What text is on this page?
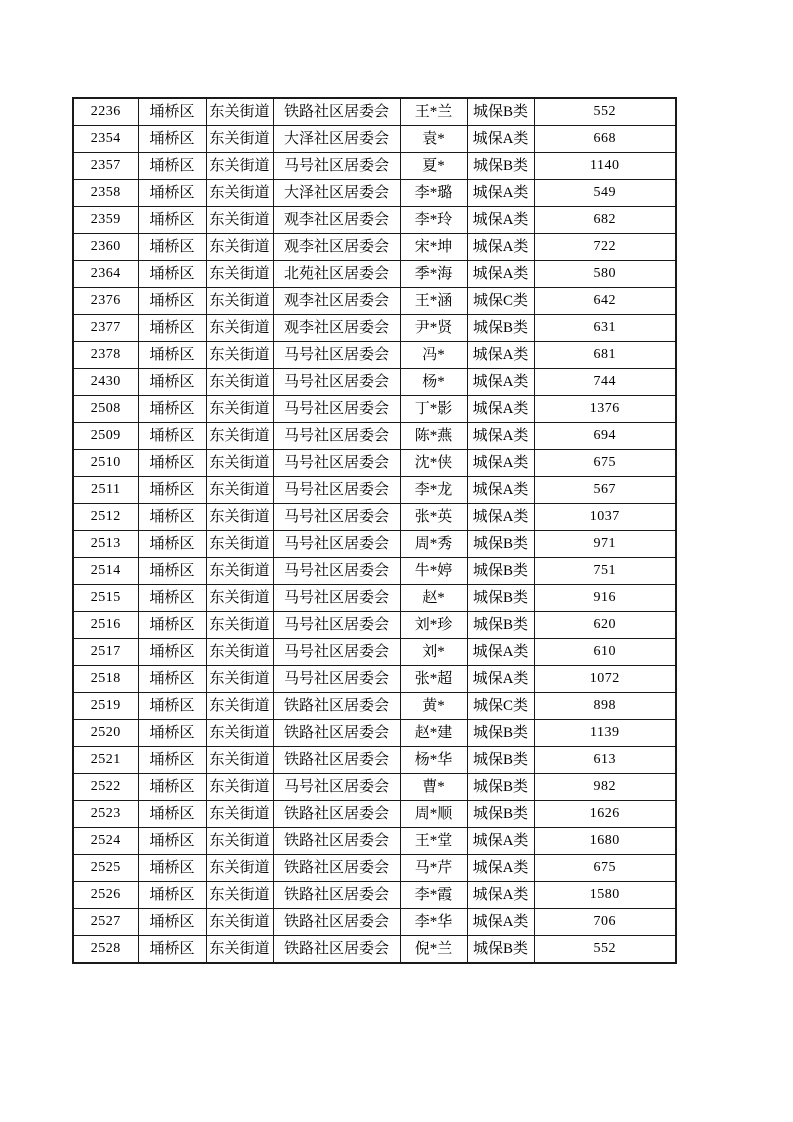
2236	埇桥区	东关街道	铁路社区居委会	王*兰	城保B类	552
2354	埇桥区	东关街道	大泽社区居委会	袁*	城保A类	668
2357	埇桥区	东关街道	马号社区居委会	夏*	城保B类	1140
2358	埇桥区	东关街道	大泽社区居委会	李*璐	城保A类	549
2359	埇桥区	东关街道	观李社区居委会	李*玲	城保A类	682
2360	埇桥区	东关街道	观李社区居委会	宋*坤	城保A类	722
2364	埇桥区	东关街道	北苑社区居委会	季*海	城保A类	580
2376	埇桥区	东关街道	观李社区居委会	王*涵	城保C类	642
2377	埇桥区	东关街道	观李社区居委会	尹*贤	城保B类	631
2378	埇桥区	东关街道	马号社区居委会	冯*	城保A类	681
2430	埇桥区	东关街道	马号社区居委会	杨*	城保A类	744
2508	埇桥区	东关街道	马号社区居委会	丁*影	城保A类	1376
2509	埇桥区	东关街道	马号社区居委会	陈*燕	城保A类	694
2510	埇桥区	东关街道	马号社区居委会	沈*侠	城保A类	675
2511	埇桥区	东关街道	马号社区居委会	李*龙	城保A类	567
2512	埇桥区	东关街道	马号社区居委会	张*英	城保A类	1037
2513	埇桥区	东关街道	马号社区居委会	周*秀	城保B类	971
2514	埇桥区	东关街道	马号社区居委会	牛*婷	城保B类	751
2515	埇桥区	东关街道	马号社区居委会	赵*	城保B类	916
2516	埇桥区	东关街道	马号社区居委会	刘*珍	城保B类	620
2517	埇桥区	东关街道	马号社区居委会	刘*	城保A类	610
2518	埇桥区	东关街道	马号社区居委会	张*超	城保A类	1072
2519	埇桥区	东关街道	铁路社区居委会	黄*	城保C类	898
2520	埇桥区	东关街道	铁路社区居委会	赵*建	城保B类	1139
2521	埇桥区	东关街道	铁路社区居委会	杨*华	城保B类	613
2522	埇桥区	东关街道	马号社区居委会	曹*	城保B类	982
2523	埇桥区	东关街道	铁路社区居委会	周*顺	城保B类	1626
2524	埇桥区	东关街道	铁路社区居委会	王*堂	城保A类	1680
2525	埇桥区	东关街道	铁路社区居委会	马*芹	城保A类	675
2526	埇桥区	东关街道	铁路社区居委会	李*霞	城保A类	1580
2527	埇桥区	东关街道	铁路社区居委会	李*华	城保A类	706
2528	埇桥区	东关街道	铁路社区居委会	倪*兰	城保B类	552
